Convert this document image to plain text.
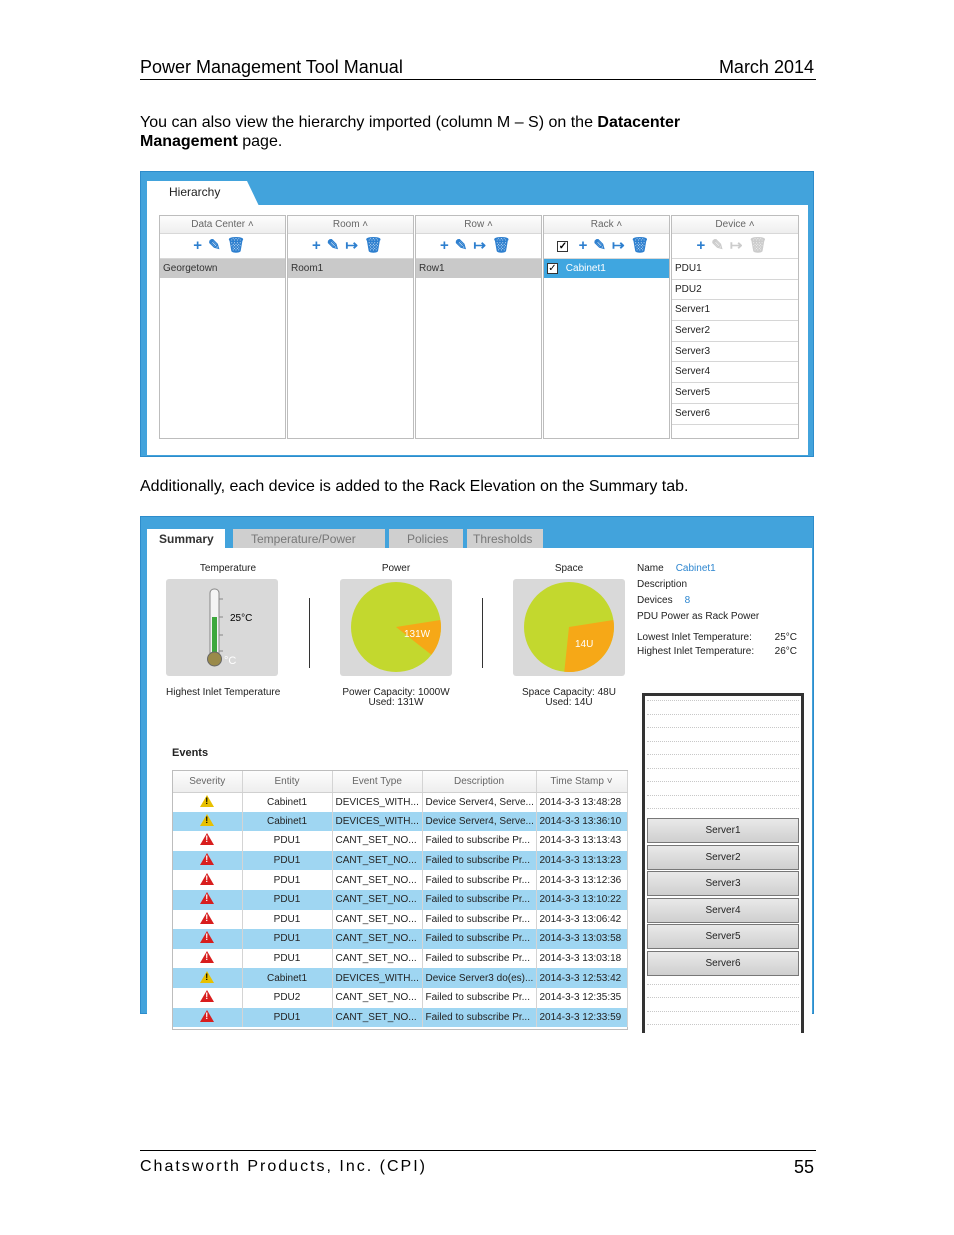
Power Management Tool Manual	March 2014
You can also view the hierarchy imported (column M – S) on the Datacenter Management page.
Hierarchy
Data Center ˄
+✎🗑
Georgetown
Room ˄
+✎↦🗑
Room1
Row ˄
+✎↦🗑
Row1
Rack ˄
✓ +✎↦🗑
✓ Cabinet1
Device ˄
+✎↦🗑
PDU1
PDU2
Server1
Server2
Server3
Server4
Server5
Server6
Additionally, each device is added to the Rack Elevation on the Summary tab.
Summary	Temperature/Power	Policies	Thresholds
Temperature
25°C
°C
Highest Inlet Temperature
Power
131W
Power Capacity: 1000W
Used: 131W
Space
14U
Space Capacity: 48U
Used: 14U
Name Cabinet1
Description
Devices 8
PDU Power as Rack Power
Lowest Inlet Temperature: 25°C
Highest Inlet Temperature: 26°C
Events
Severity	Entity	Event Type	Description	Time Stamp ˅

!	Cabinet1	DEVICES_WITH...	Device Server4, Serve...	2014-3-3 13:48:28

!	Cabinet1	DEVICES_WITH...	Device Server4, Serve...	2014-3-3 13:36:10

!	PDU1	CANT_SET_NO...	Failed to subscribe Pr...	2014-3-3 13:13:43

!	PDU1	CANT_SET_NO...	Failed to subscribe Pr...	2014-3-3 13:13:23

!	PDU1	CANT_SET_NO...	Failed to subscribe Pr...	2014-3-3 13:12:36

!	PDU1	CANT_SET_NO...	Failed to subscribe Pr...	2014-3-3 13:10:22

!	PDU1	CANT_SET_NO...	Failed to subscribe Pr...	2014-3-3 13:06:42

!	PDU1	CANT_SET_NO...	Failed to subscribe Pr...	2014-3-3 13:03:58

!	PDU1	CANT_SET_NO...	Failed to subscribe Pr...	2014-3-3 13:03:18

!	Cabinet1	DEVICES_WITH...	Device Server3 do(es)...	2014-3-3 12:53:42

!	PDU2	CANT_SET_NO...	Failed to subscribe Pr...	2014-3-3 12:35:35

!	PDU1	CANT_SET_NO...	Failed to subscribe Pr...	2014-3-3 12:33:59
Server1
Server2
Server3
Server4
Server5
Server6
Chatsworth Products, Inc. (CPI)	55
